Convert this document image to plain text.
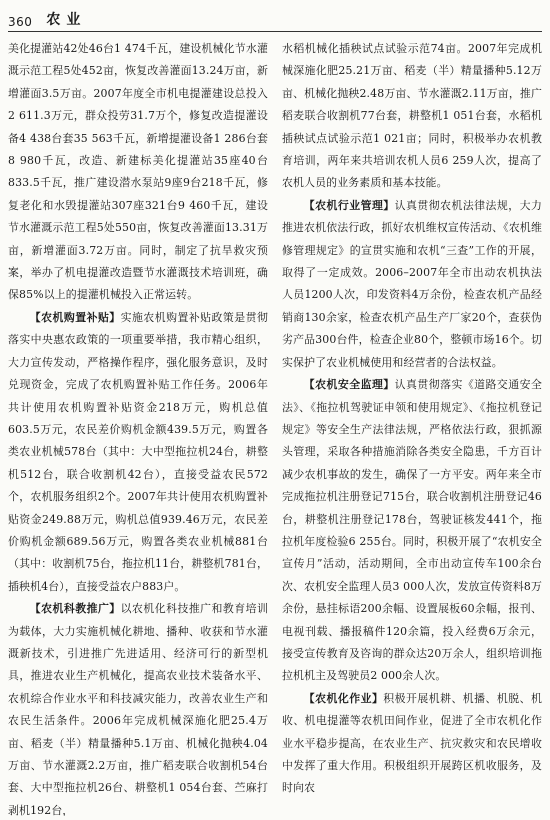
360 农业

美化提灌站42处46台1 474千瓦，建设机械化节水灌溉示范工程5处452亩，恢复改善灌面13.24万亩，新增灌面3.5万亩。2007年度全市机电提灌建设总投入2 611.3万元，群众投劳31.7万个，修复改造提灌设备4 438台套35 563千瓦，新增提灌设备1 286台套8 980千瓦，改造、新建标美化提灌站35座40台833.5千瓦，推广建设潜水泵站9座9台218千瓦，修复老化和水毁提灌站307座321台9 460千瓦，建设节水灌溉示范工程5处550亩，恢复改善灌面13.31万亩，新增灌面3.72万亩。同时，制定了抗旱救灾预案，举办了机电提灌改造暨节水灌溉技术培训班，确保85%以上的提灌机械投入正常运转。

【农机购置补贴】实施农机购置补贴政策是贯彻落实中央惠农政策的一项重要举措，我市精心组织，大力宣传发动，严格操作程序，强化服务意识，及时兑现资金，完成了农机购置补贴工作任务。2006年共计使用农机购置补贴资金218万元，购机总值603.5万元，农民差价购机金额439.5万元，购置各类农业机械578台（其中：大中型拖拉机24台，耕整机512台，联合收割机42台），直接受益农民572个，农机服务组织2个。2007年共计使用农机购置补贴资金249.88万元，购机总值939.46万元，农民差价购机金额689.56万元，购置各类农业机械881台（其中：收割机75台，拖拉机11台，耕整机781台，插秧机4台），直接受益农户883户。

【农机科教推广】以农机化科技推广和教育培训为载体，大力实施机械化耕地、播种、收获和节水灌溉新技术，引进推广先进适用、经济可行的新型机具，推进农业生产机械化，提高农业技术装备水平、农机综合作业水平和科技减灾能力，改善农业生产和农民生活条件。2006年完成机械深施化肥25.4万亩、稻麦（半）精量播种5.1万亩、机械化抛秧4.04万亩、节水灌溉2.2万亩，推广稻麦联合收割机54台套、大中型拖拉机26台、耕整机1 054台套、苎麻打剥机192台，

水稻机械化插秧试点试验示范74亩。2007年完成机械深施化肥25.21万亩、稻麦（半）精量播种5.12万亩、机械化抛秧2.48万亩、节水灌溉2.11万亩，推广稻麦联合收割机77台套，耕整机1 051台套，水稻机插秧试点试验示范1 021亩；同时，积极举办农机教育培训，两年来共培训农机人员6 259人次，提高了农机人员的业务素质和基本技能。

【农机行业管理】认真贯彻农机法律法规，大力推进农机依法行政，抓好农机维权宣传活动、《农机维修管理规定》的宣贯实施和农机“三查”工作的开展，取得了一定成效。2006–2007年全市出动农机执法人员1200人次，印发资料4万余份，检查农机产品经销商130余家，检查农机产品生产厂家20个，查获伪劣产品300台件，检查企业80个，整顿市场16个。切实保护了农业机械使用和经营者的合法权益。

【农机安全监理】认真贯彻落实《道路交通安全法》、《拖拉机驾驶证申领和使用规定》、《拖拉机登记规定》等安全生产法律法规，严格依法行政，狠抓源头管理，采取各种措施消除各类安全隐患，千方百计减少农机事故的发生，确保了一方平安。两年来全市完成拖拉机注册登记715台，联合收割机注册登记46台，耕整机注册登记178台，驾驶证核发441个，拖拉机年度检验6 255台。同时，积极开展了“农机安全宣传月”活动，活动期间，全市出动宣传车100余台次、农机安全监理人员3 000人次，发放宣传资料8万余份，悬挂标语200余幅、设置展板60余幅，报刊、电视刊载、播报稿件120余篇，投入经费6万余元，接受宣传教育及咨询的群众达20万余人，组织培训拖拉机机主及驾驶员2 000余人次。

【农机化作业】积极开展机耕、机播、机脱、机收、机电提灌等农机田间作业，促进了全市农机化作业水平稳步提高，在农业生产、抗灾救灾和农民增收中发挥了重大作用。积极组织开展跨区机收服务，及时向农
